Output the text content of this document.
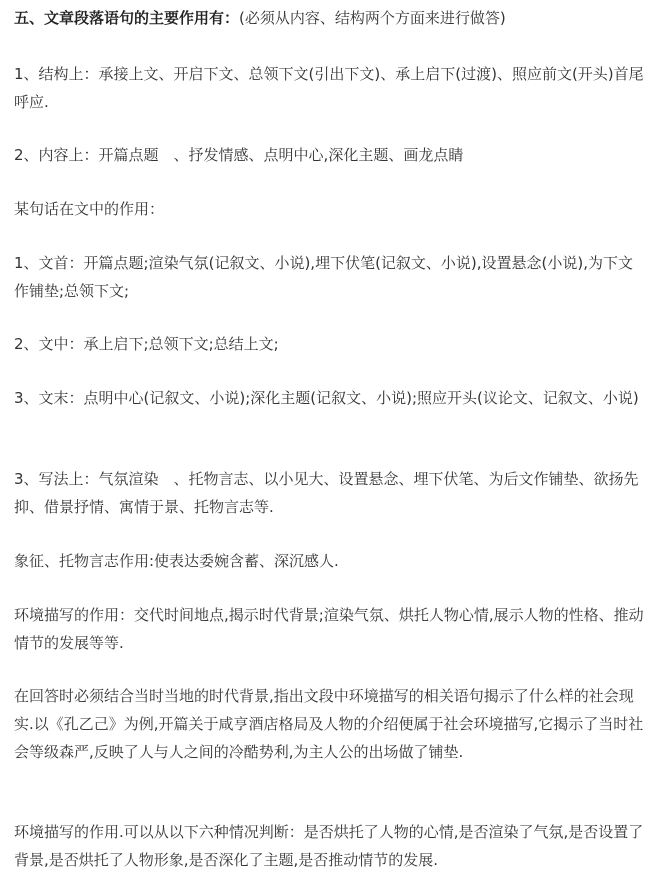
五、文章段落语句的主要作用有：(必须从内容、结构两个方面来进行做答)

1、结构上：承接上文、开启下文、总领下文(引出下文)、承上启下(过渡)、照应前文(开头)首尾呼应.

2、内容上：开篇点题　、抒发情感、点明中心,深化主题、画龙点睛

某句话在文中的作用：

1、文首：开篇点题;渲染气氛(记叙文、小说),埋下伏笔(记叙文、小说),设置悬念(小说),为下文作铺垫;总领下文;

2、文中：承上启下;总领下文;总结上文;

3、文末：点明中心(记叙文、小说);深化主题(记叙文、小说);照应开头(议论文、记叙文、小说)

3、写法上：气氛渲染　、托物言志、以小见大、设置悬念、埋下伏笔、为后文作铺垫、欲扬先抑、借景抒情、寓情于景、托物言志等.

象征、托物言志作用:使表达委婉含蓄、深沉感人.

环境描写的作用：交代时间地点,揭示时代背景;渲染气氛、烘托人物心情,展示人物的性格、推动情节的发展等等.

在回答时必须结合当时当地的时代背景,指出文段中环境描写的相关语句揭示了什么样的社会现实.以《孔乙己》为例,开篇关于咸亨酒店格局及人物的介绍便属于社会环境描写,它揭示了当时社会等级森严,反映了人与人之间的冷酷势利,为主人公的出场做了铺垫.

环境描写的作用.可以从以下六种情况判断：是否烘托了人物的心情,是否渲染了气氛,是否设置了背景,是否烘托了人物形象,是否深化了主题,是否推动情节的发展.
